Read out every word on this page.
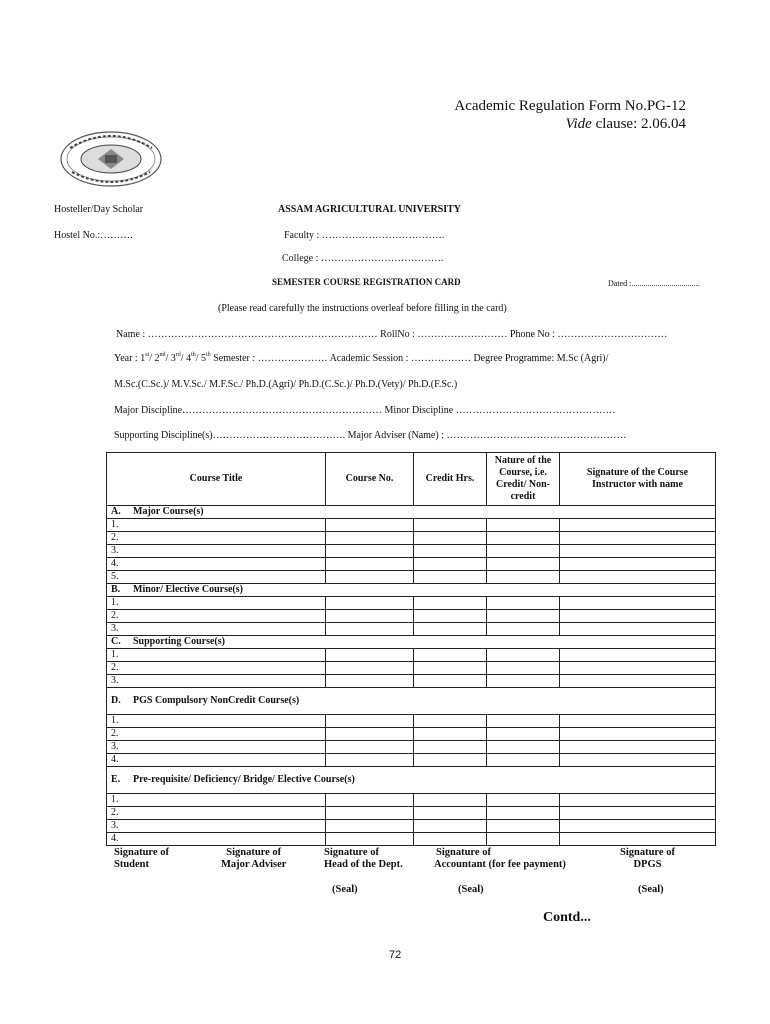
Academic Regulation Form No.PG-12
Vide clause: 2.06.04
Hosteller/Day Scholar	ASSAM AGRICULTURAL UNIVERSITY
Hostel No.:……….	Faculty : ……………………………….
College : ……………………………….
SEMESTER COURSE REGISTRATION CARD	Dated :..................................
(Please read carefully the instructions overleaf before filling in the card)
Name : …………………………………………………………… RollNo : ……………………… Phone No : ……………………………
Year : 1st/ 2nd/ 3rd/ 4th/ 5th Semester : ………………… Academic Session : ……………… Degree Programme: M.Sc (Agri)/
M.Sc.(C.Sc.)/ M.V.Sc./ M.F.Sc./ Ph.D.(Agri)/ Ph.D.(C.Sc.)/ Ph.D.(Vety)/ Ph.D.(F.Sc.)
Major Discipline…………………………………………………… Minor Discipline …………………………………………
Supporting Discipline(s)…………………………………. Major Adviser (Name) : ………………………………………………
Course Title	Course No.	Credit Hrs.	Nature of the Course, i.e. Credit/ Non-credit	Signature of the Course Instructor with name
A. Major Course(s)				
1.				
2.				
3.				
4.				
5.				
B. Minor/ Elective Course(s)				
1.				
2.				
3.				
C. Supporting Course(s)				
1.				
2.				
3.				
D. PGS Compulsory NonCredit Course(s)				
1.				
2.				
3.				
4.				
E. Pre-requisite/ Deficiency/ Bridge/ Elective Course(s)				
1.				
2.				
3.				
4.				
Signature of
Student
Signature of
Major Adviser
Signature of
Head of the Dept.
Signature of
Accountant (for fee payment)
Signature of
DPGS
(Seal)	(Seal)	(Seal)
Contd...
72
